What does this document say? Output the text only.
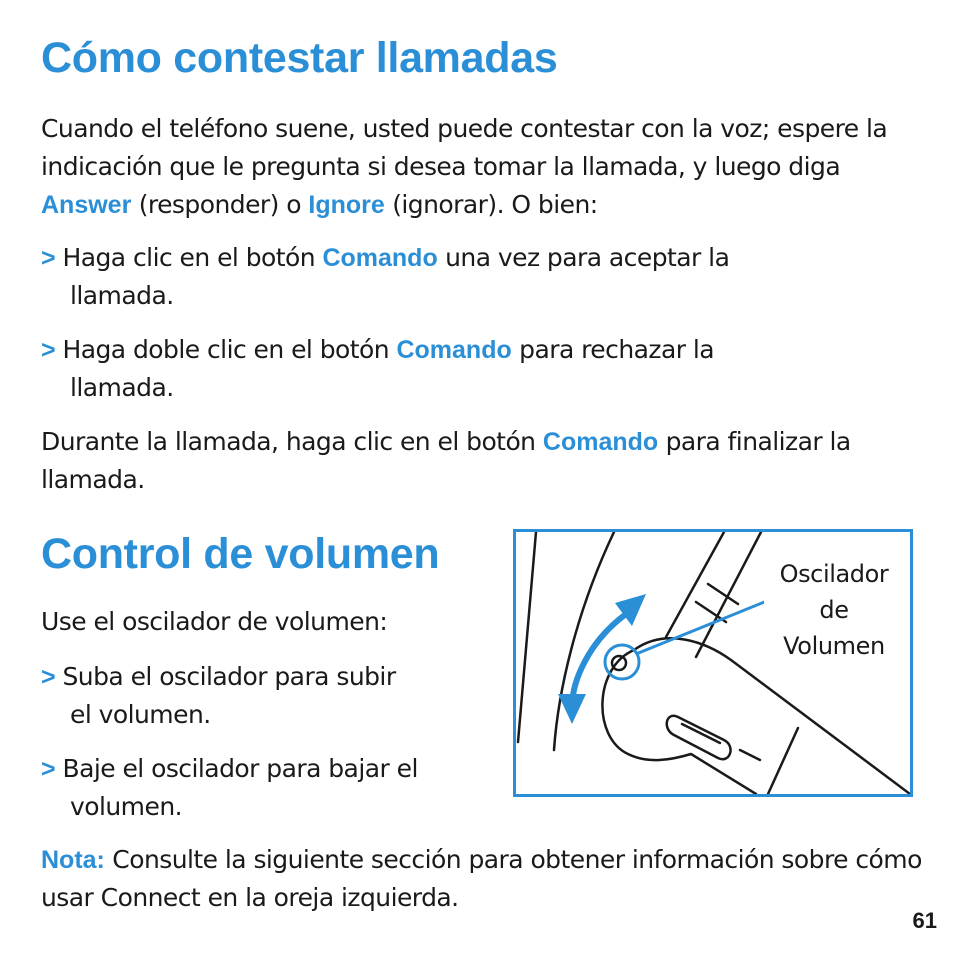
Cómo contestar llamadas

Cuando el teléfono suene, usted puede contestar con la voz; espere la indicación que le pregunta si desea tomar la llamada, y luego diga Answer (responder) o Ignore (ignorar). O bien:

> Haga clic en el botón Comando una vez para aceptar la
llamada.

> Haga doble clic en el botón Comando para rechazar la
llamada.

Durante la llamada, haga clic en el botón Comando para finalizar la llamada.

Control de volumen

Use el oscilador de volumen:

> Suba el oscilador para subir
el volumen.

> Baje el oscilador para bajar el
volumen.

Oscilador
de
Volumen

Nota: Consulte la siguiente sección para obtener información sobre cómo usar Connect en la oreja izquierda.

61
